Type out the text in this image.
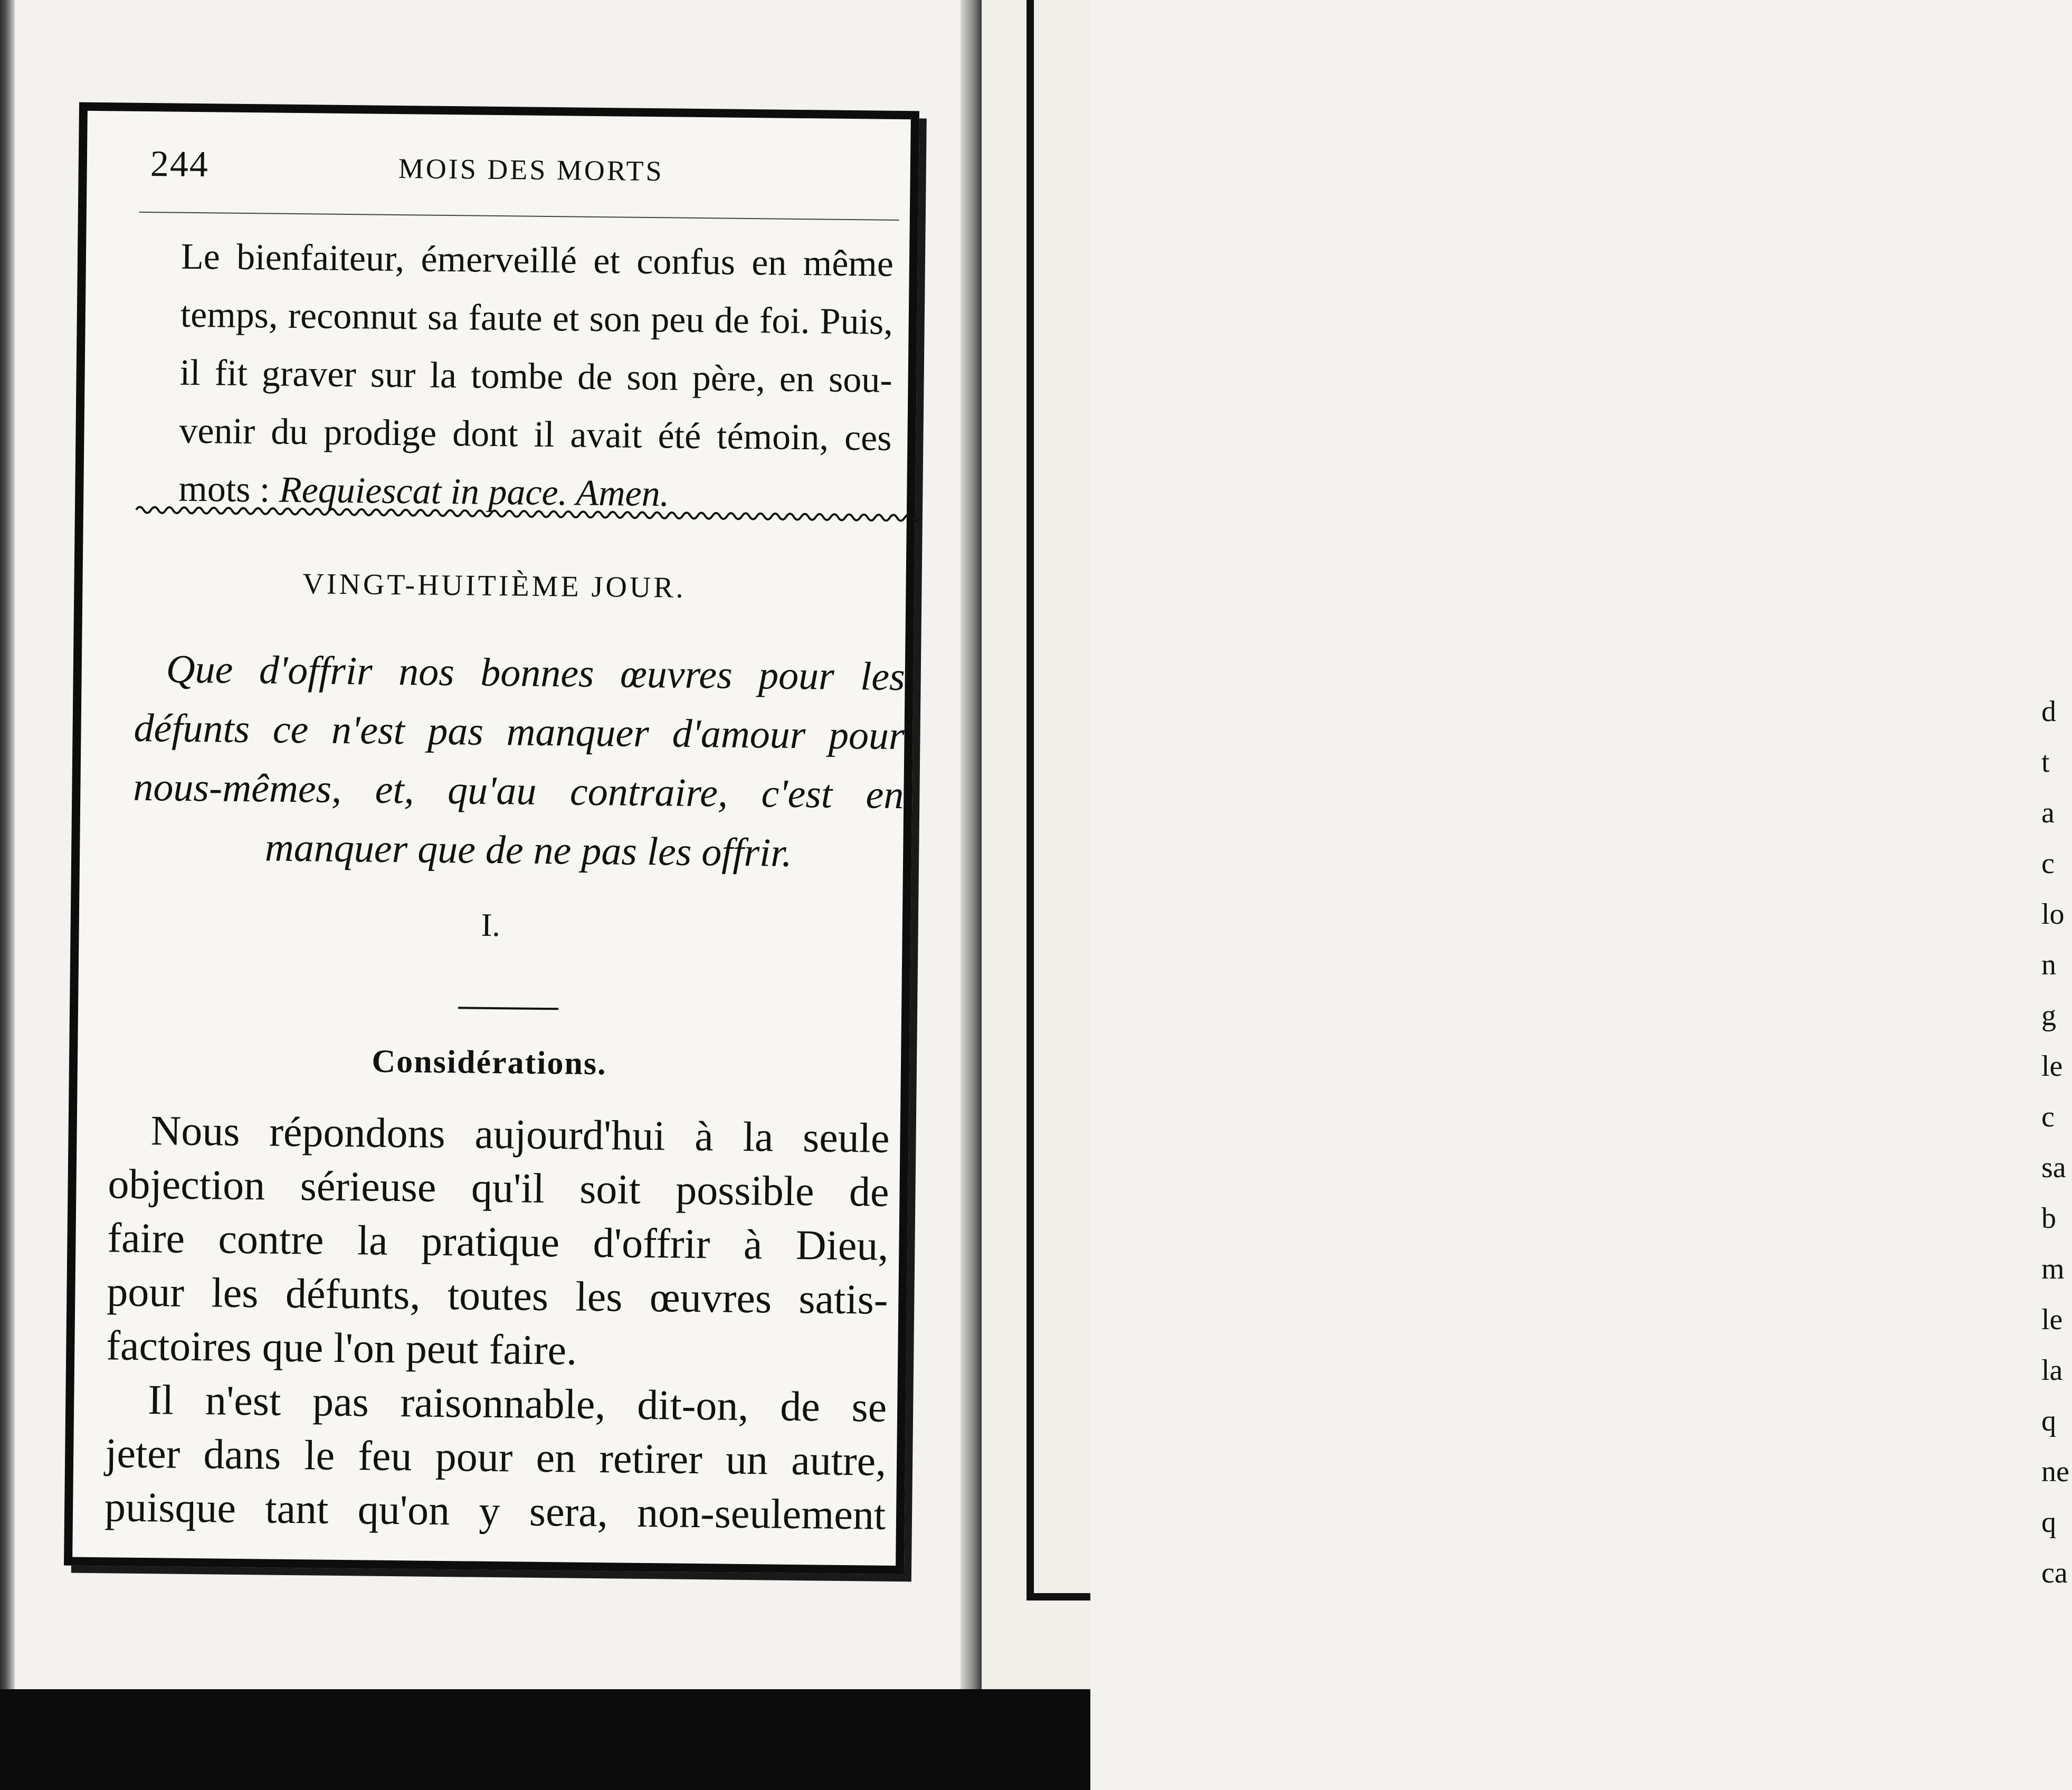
d
t
a
c
lo
n
g
le
c
sa
b
m
le
la
q
ne
q
ca
244	MOIS DES MORTS
Le bienfaiteur, émerveillé et confus en même
temps, reconnut sa faute et son peu de foi. Puis,
il fit graver sur la tombe de son père, en sou-
venir du prodige dont il avait été témoin, ces
mots : Requiescat in pace. Amen.
VINGT-HUITIÈME JOUR.
Que d'offrir nos bonnes œuvres pour les
défunts ce n'est pas manquer d'amour pour
nous-mêmes, et, qu'au contraire, c'est en
manquer que de ne pas les offrir.
I.
Considérations.
Nous répondons aujourd'hui à la seule
objection sérieuse qu'il soit possible de
faire contre la pratique d'offrir à Dieu,
pour les défunts, toutes les œuvres satis-
factoires que l'on peut faire.
Il n'est pas raisonnable, dit-on, de se
jeter dans le feu pour en retirer un autre,
puisque tant qu'on y sera, non-seulement
